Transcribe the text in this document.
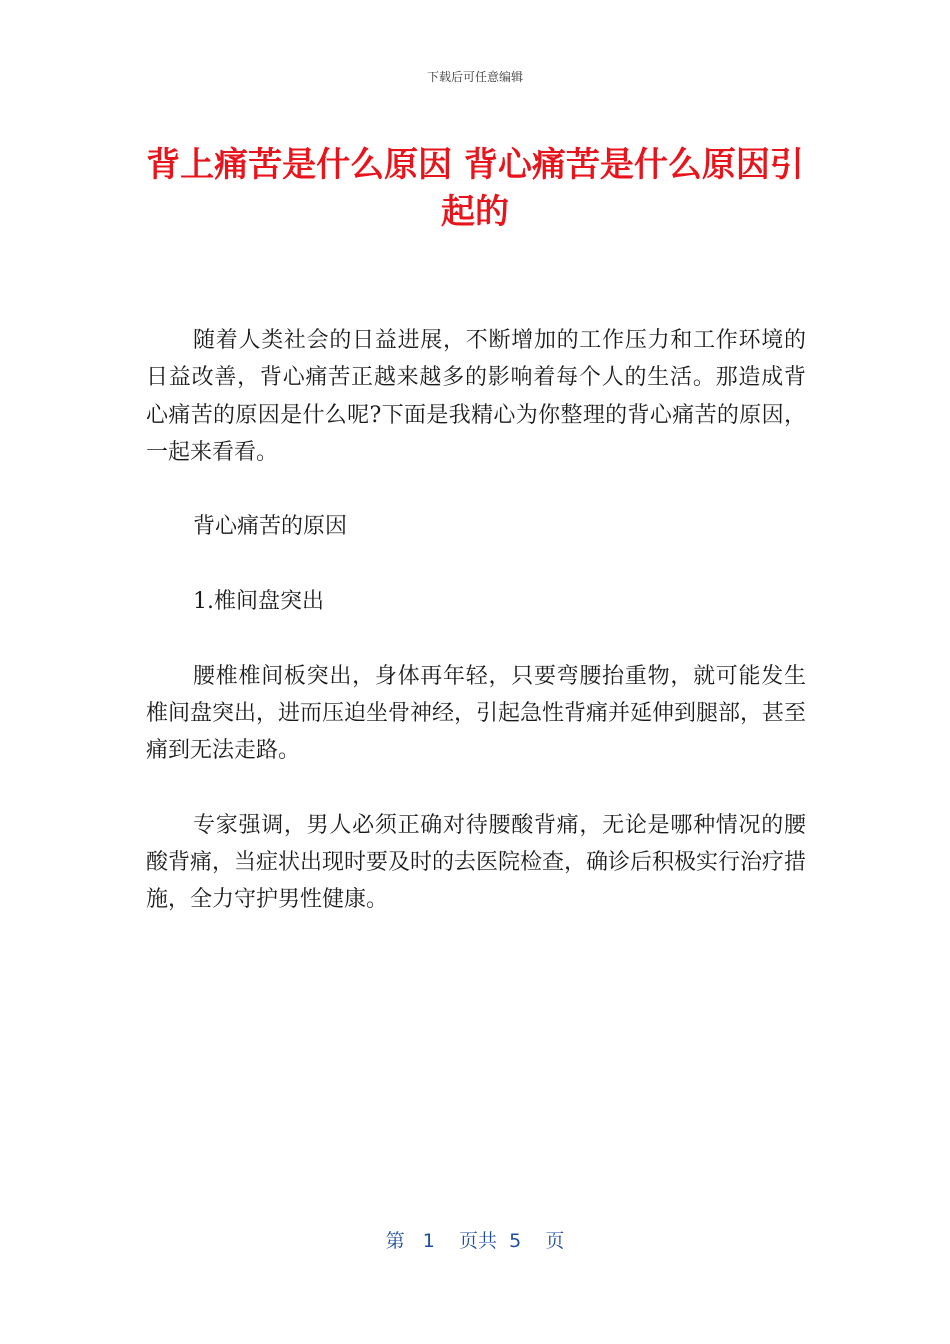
下载后可任意编辑
背上痛苦是什么原因 背心痛苦是什么原因引起的

随着人类社会的日益进展，不断增加的工作压力和工作环境的日益改善，背心痛苦正越来越多的影响着每个人的生活。那造成背心痛苦的原因是什么呢?下面是我精心为你整理的背心痛苦的原因，一起来看看。

背心痛苦的原因

1.椎间盘突出

腰椎椎间板突出，身体再年轻，只要弯腰抬重物，就可能发生椎间盘突出，进而压迫坐骨神经，引起急性背痛并延伸到腿部，甚至痛到无法走路。

专家强调，男人必须正确对待腰酸背痛，无论是哪种情况的腰酸背痛，当症状出现时要及时的去医院检查，确诊后积极实行治疗措施，全力守护男性健康。

第 1 页共 5 页
